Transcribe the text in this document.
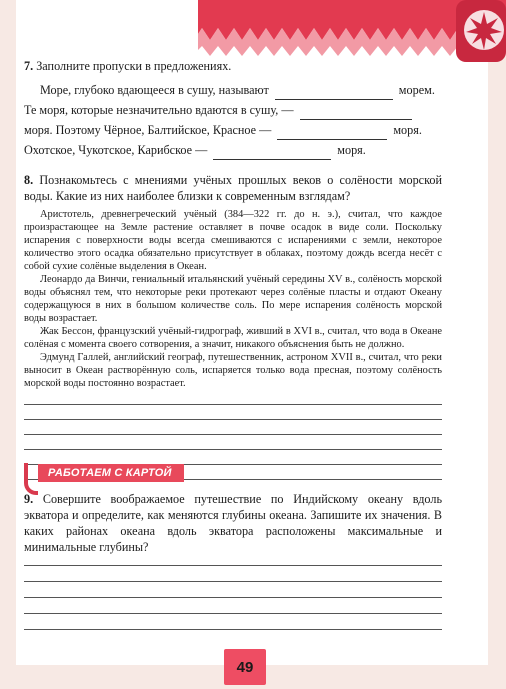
7. Заполните пропуски в предложениях.

Море, глубоко вдающееся в сушу, называют	морем.
Те моря, которые незначительно вдаются в сушу, —
моря. Поэтому Чёрное, Балтийское, Красное —	моря.
Охотское, Чукотское, Карибское —	моря.

8. Познакомьтесь с мнениями учёных прошлых веков о солёности морской воды. Какие из них наиболее близки к современным взглядам?

Аристотель, древнегреческий учёный (384—322 гг. до н. э.), считал, что каждое произрастающее на Земле растение оставляет в почве осадок в виде соли. Поскольку испарения с поверхности воды всегда смешиваются с испарениями с земли, некоторое количество этого осадка обязательно присутствует в облаках, поэтому дождь всегда несёт с собой сухие солёные выделения в Океан.

Леонардо да Винчи, гениальный итальянский учёный середины XV в., солёность морской воды объяснял тем, что некоторые реки протекают через солёные пласты и отдают Океану содержащуюся в них в большом количестве соль. По мере испарения солёность морской воды возрастает.

Жак Бессон, французский учёный-гидрограф, живший в XVI в., считал, что вода в Океане солёная с момента своего сотворения, а значит, никакого объяснения быть не должно.

Эдмунд Галлей, английский географ, путешественник, астроном XVII в., считал, что реки выносит в Океан растворённую соль, испаряется только вода пресная, поэтому солёность морской воды постоянно возрастает.

РАБОТАЕМ С КАРТОЙ

9. Совершите воображаемое путешествие по Индийскому океану вдоль экватора и определите, как меняются глубины океана. Запишите их значения. В каких районах океана вдоль экватора расположены максимальные и минимальные глубины?

49
